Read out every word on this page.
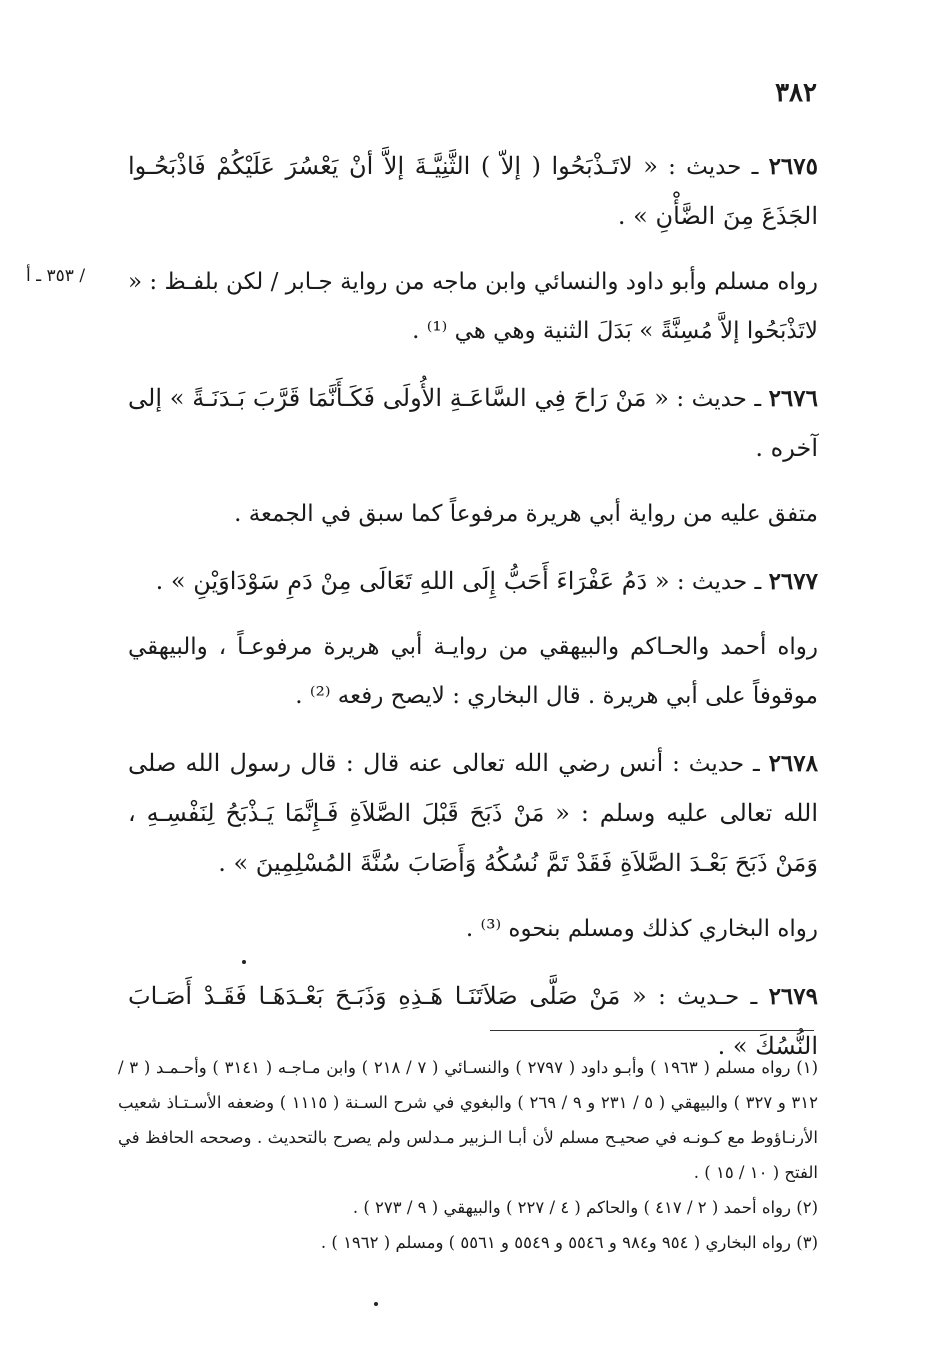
٣٨٢
/ ٣٥٣ ـ أ

٢٦٧٥ ـ حديث : « لاتَـذْبَحُوا ( إلاّ ) الثَّنِيَّـةَ إلاَّ أنْ يَعْسُرَ عَلَيْكُمْ فَاذْبَحُـوا الجَذَعَ مِنَ الضَّأْنِ » .

رواه مسلم وأبو داود والنسائي وابن ماجه من رواية جـابر / لكن بلفـظ : « لاتَذْبَحُوا إلاَّ مُسِنَّةً » بَدَلَ الثنية وهي هي ⁽¹⁾ .

٢٦٧٦ ـ حديث : « مَنْ رَاحَ فِي السَّاعَـةِ الأُولَى فَكَـأَنَّمَا قَرَّبَ بَـدَنَـةً » إلى آخره .

متفق عليه من رواية أبي هريرة مرفوعاً كما سبق في الجمعة .

٢٦٧٧ ـ حديث : « دَمُ عَفْرَاءَ أَحَبُّ إِلَى اللهِ تَعَالَى مِنْ دَمِ سَوْدَاوَيْنِ » .

رواه أحمد والحـاكم والبيهقي من روايـة أبي هريرة مرفوعـاً ، والبيهقي موقوفاً على أبي هريرة . قال البخاري : لايصح رفعه ⁽²⁾ .

٢٦٧٨ ـ حديث : أنس رضي الله تعالى عنه قال : قال رسول الله صلى الله تعالى عليه وسلم : « مَنْ ذَبَحَ قَبْلَ الصَّلاَةِ فَـإِنَّمَا يَـذْبَحُ لِنَفْسِـهِ ، وَمَنْ ذَبَحَ بَعْـدَ الصَّلاَةِ فَقَدْ تَمَّ نُسُكُهُ وَأَصَابَ سُنَّةَ المُسْلِمِينَ » .

رواه البخاري كذلك ومسلم بنحوه ⁽³⁾ .

٢٦٧٩ ـ حـديث : « مَنْ صَلَّى صَلاَتَنَـا هَـذِهِ وَذَبَـحَ بَعْـدَهَـا فَقَـدْ أَصَـابَ النُّسُكَ » .

(١) رواه مسلم ( ١٩٦٣ ) وأبـو داود ( ٢٧٩٧ ) والنسـائي ( ٧ / ٢١٨ ) وابن مـاجـه ( ٣١٤١ ) وأحـمـد ( ٣ / ٣١٢ و ٣٢٧ ) والبيهقي ( ٥ / ٢٣١ و ٩ / ٢٦٩ ) والبغوي في شرح السـنة ( ١١١٥ ) وضعفه الأسـتـاذ شعيب الأرنـاؤوط مع كـونـه في صحيـح مسلم لأن أبـا الـزبير مـدلس ولم يصرح بالتحديث . وصححه الحافظ في الفتح ( ١٠ / ١٥ ) .

(٢) رواه أحمد ( ٢ / ٤١٧ ) والحاكم ( ٤ / ٢٢٧ ) والبيهقي ( ٩ / ٢٧٣ ) .

(٣) رواه البخاري ( ٩٥٤ و٩٨٤ و ٥٥٤٦ و ٥٥٤٩ و ٥٥٦١ ) ومسلم ( ١٩٦٢ ) .
